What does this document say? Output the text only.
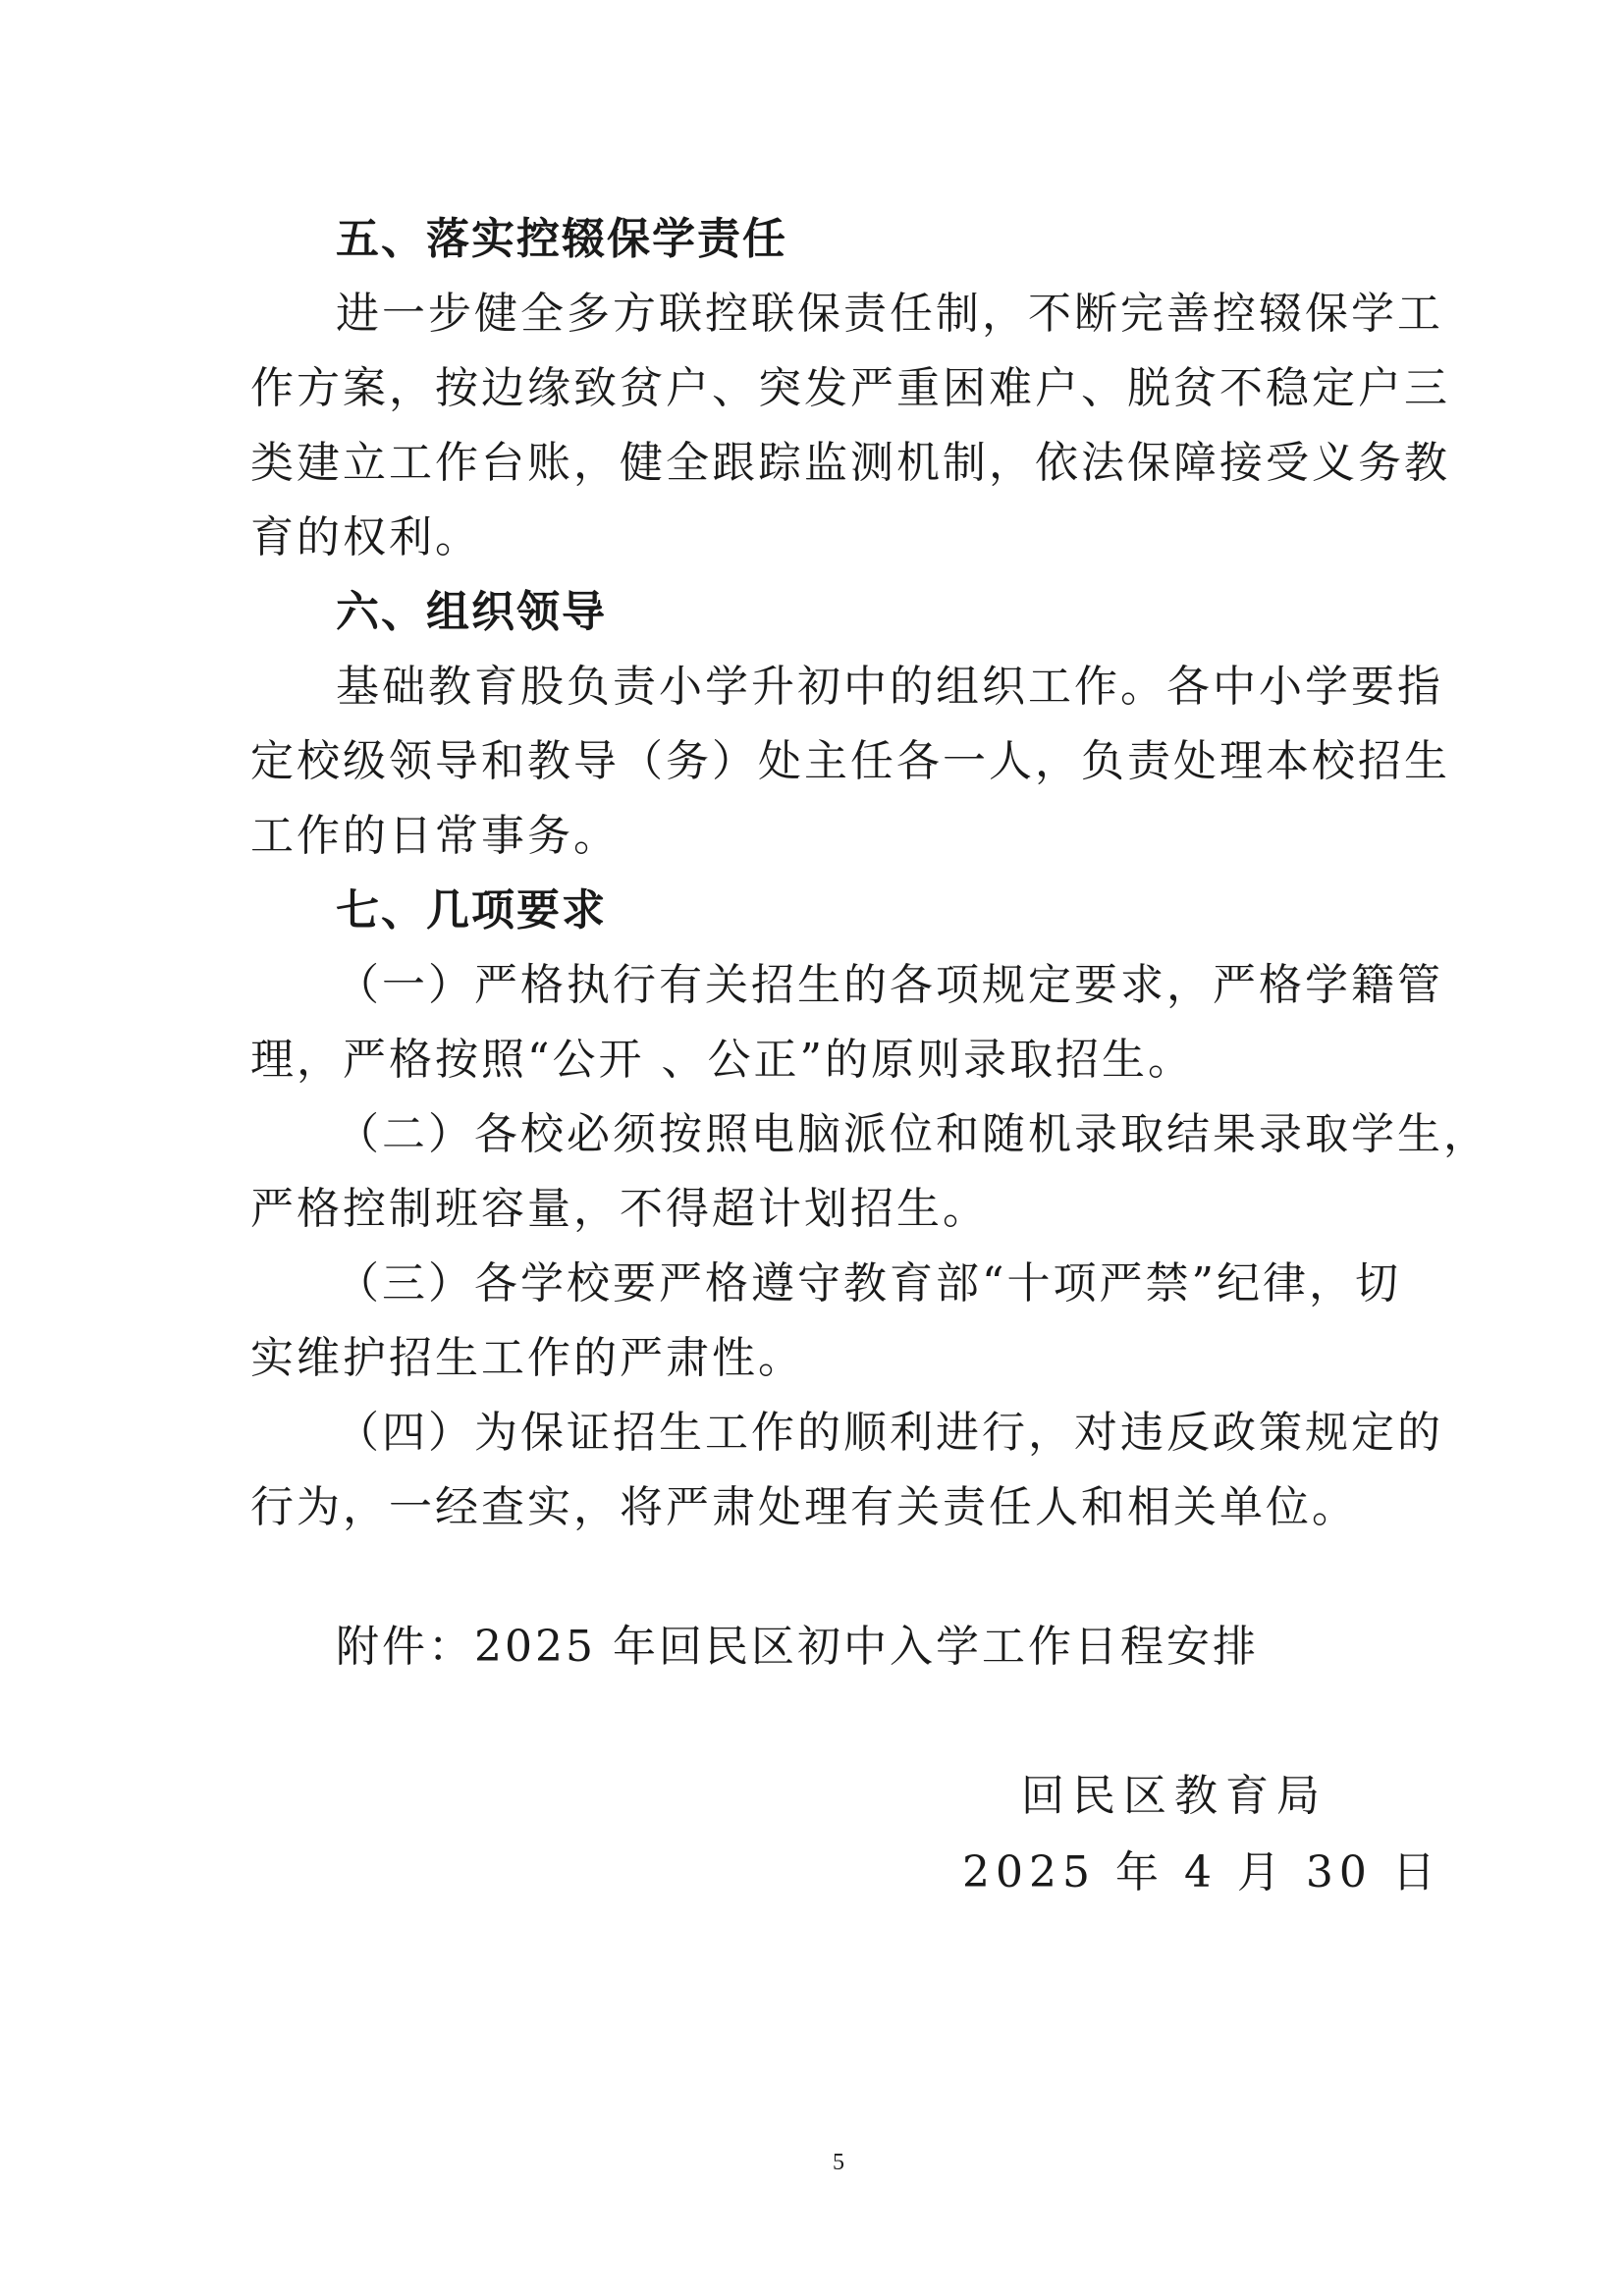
五、落实控辍保学责任
进一步健全多方联控联保责任制，不断完善控辍保学工
作方案，按边缘致贫户、突发严重困难户、脱贫不稳定户三
类建立工作台账，健全跟踪监测机制，依法保障接受义务教
育的权利。
六、组织领导
基础教育股负责小学升初中的组织工作。各中小学要指
定校级领导和教导（务）处主任各一人，负责处理本校招生
工作的日常事务。
七、几项要求
（一）严格执行有关招生的各项规定要求，严格学籍管
理，严格按照“公开 、公正”的原则录取招生。
（二）各校必须按照电脑派位和随机录取结果录取学生，
严格控制班容量，不得超计划招生。
（三）各学校要严格遵守教育部“十项严禁”纪律，切
实维护招生工作的严肃性。
（四）为保证招生工作的顺利进行，对违反政策规定的
行为，一经查实，将严肃处理有关责任人和相关单位。
附件：2025 年回民区初中入学工作日程安排
回民区教育局
2025 年 4 月 30 日
5
